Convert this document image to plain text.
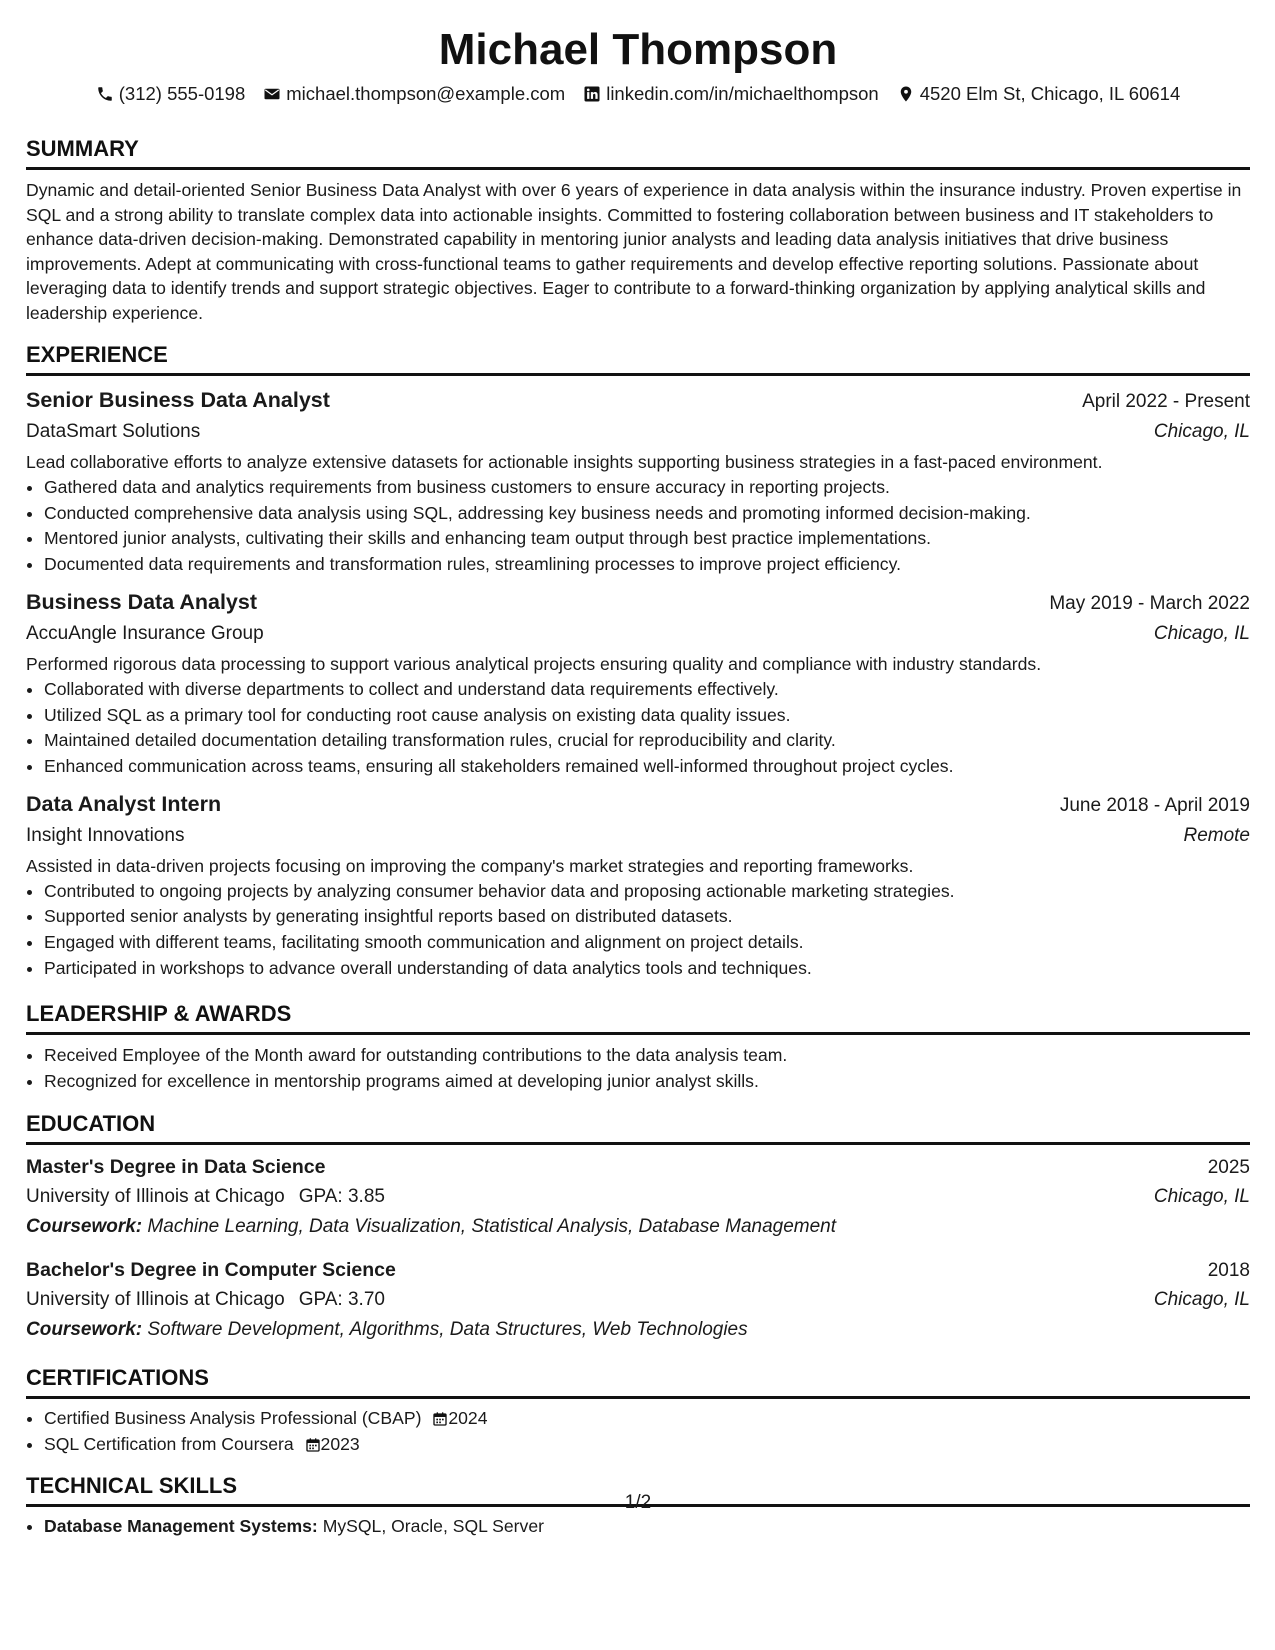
Michael Thompson
(312) 555-0198 michael.thompson@example.com linkedin.com/in/michaelthompson 4520 Elm St, Chicago, IL 60614
SUMMARY
Dynamic and detail-oriented Senior Business Data Analyst with over 6 years of experience in data analysis within the insurance industry. Proven expertise in SQL and a strong ability to translate complex data into actionable insights. Committed to fostering collaboration between business and IT stakeholders to enhance data-driven decision-making. Demonstrated capability in mentoring junior analysts and leading data analysis initiatives that drive business improvements. Adept at communicating with cross-functional teams to gather requirements and develop effective reporting solutions. Passionate about leveraging data to identify trends and support strategic objectives. Eager to contribute to a forward-thinking organization by applying analytical skills and leadership experience.
EXPERIENCE
Senior Business Data Analyst	April 2022 - Present
DataSmart Solutions	Chicago, IL
Lead collaborative efforts to analyze extensive datasets for actionable insights supporting business strategies in a fast-paced environment.
• Gathered data and analytics requirements from business customers to ensure accuracy in reporting projects.
• Conducted comprehensive data analysis using SQL, addressing key business needs and promoting informed decision-making.
• Mentored junior analysts, cultivating their skills and enhancing team output through best practice implementations.
• Documented data requirements and transformation rules, streamlining processes to improve project efficiency.
Business Data Analyst	May 2019 - March 2022
AccuAngle Insurance Group	Chicago, IL
Performed rigorous data processing to support various analytical projects ensuring quality and compliance with industry standards.
• Collaborated with diverse departments to collect and understand data requirements effectively.
• Utilized SQL as a primary tool for conducting root cause analysis on existing data quality issues.
• Maintained detailed documentation detailing transformation rules, crucial for reproducibility and clarity.
• Enhanced communication across teams, ensuring all stakeholders remained well-informed throughout project cycles.
Data Analyst Intern	June 2018 - April 2019
Insight Innovations	Remote
Assisted in data-driven projects focusing on improving the company's market strategies and reporting frameworks.
• Contributed to ongoing projects by analyzing consumer behavior data and proposing actionable marketing strategies.
• Supported senior analysts by generating insightful reports based on distributed datasets.
• Engaged with different teams, facilitating smooth communication and alignment on project details.
• Participated in workshops to advance overall understanding of data analytics tools and techniques.
LEADERSHIP & AWARDS
• Received Employee of the Month award for outstanding contributions to the data analysis team.
• Recognized for excellence in mentorship programs aimed at developing junior analyst skills.
EDUCATION
Master's Degree in Data Science	2025
University of Illinois at Chicago GPA: 3.85	Chicago, IL
Coursework: Machine Learning, Data Visualization, Statistical Analysis, Database Management
Bachelor's Degree in Computer Science	2018
University of Illinois at Chicago GPA: 3.70	Chicago, IL
Coursework: Software Development, Algorithms, Data Structures, Web Technologies
CERTIFICATIONS
• Certified Business Analysis Professional (CBAP) 2024
• SQL Certification from Coursera 2023
TECHNICAL SKILLS
• Database Management Systems: MySQL, Oracle, SQL Server
1/2
